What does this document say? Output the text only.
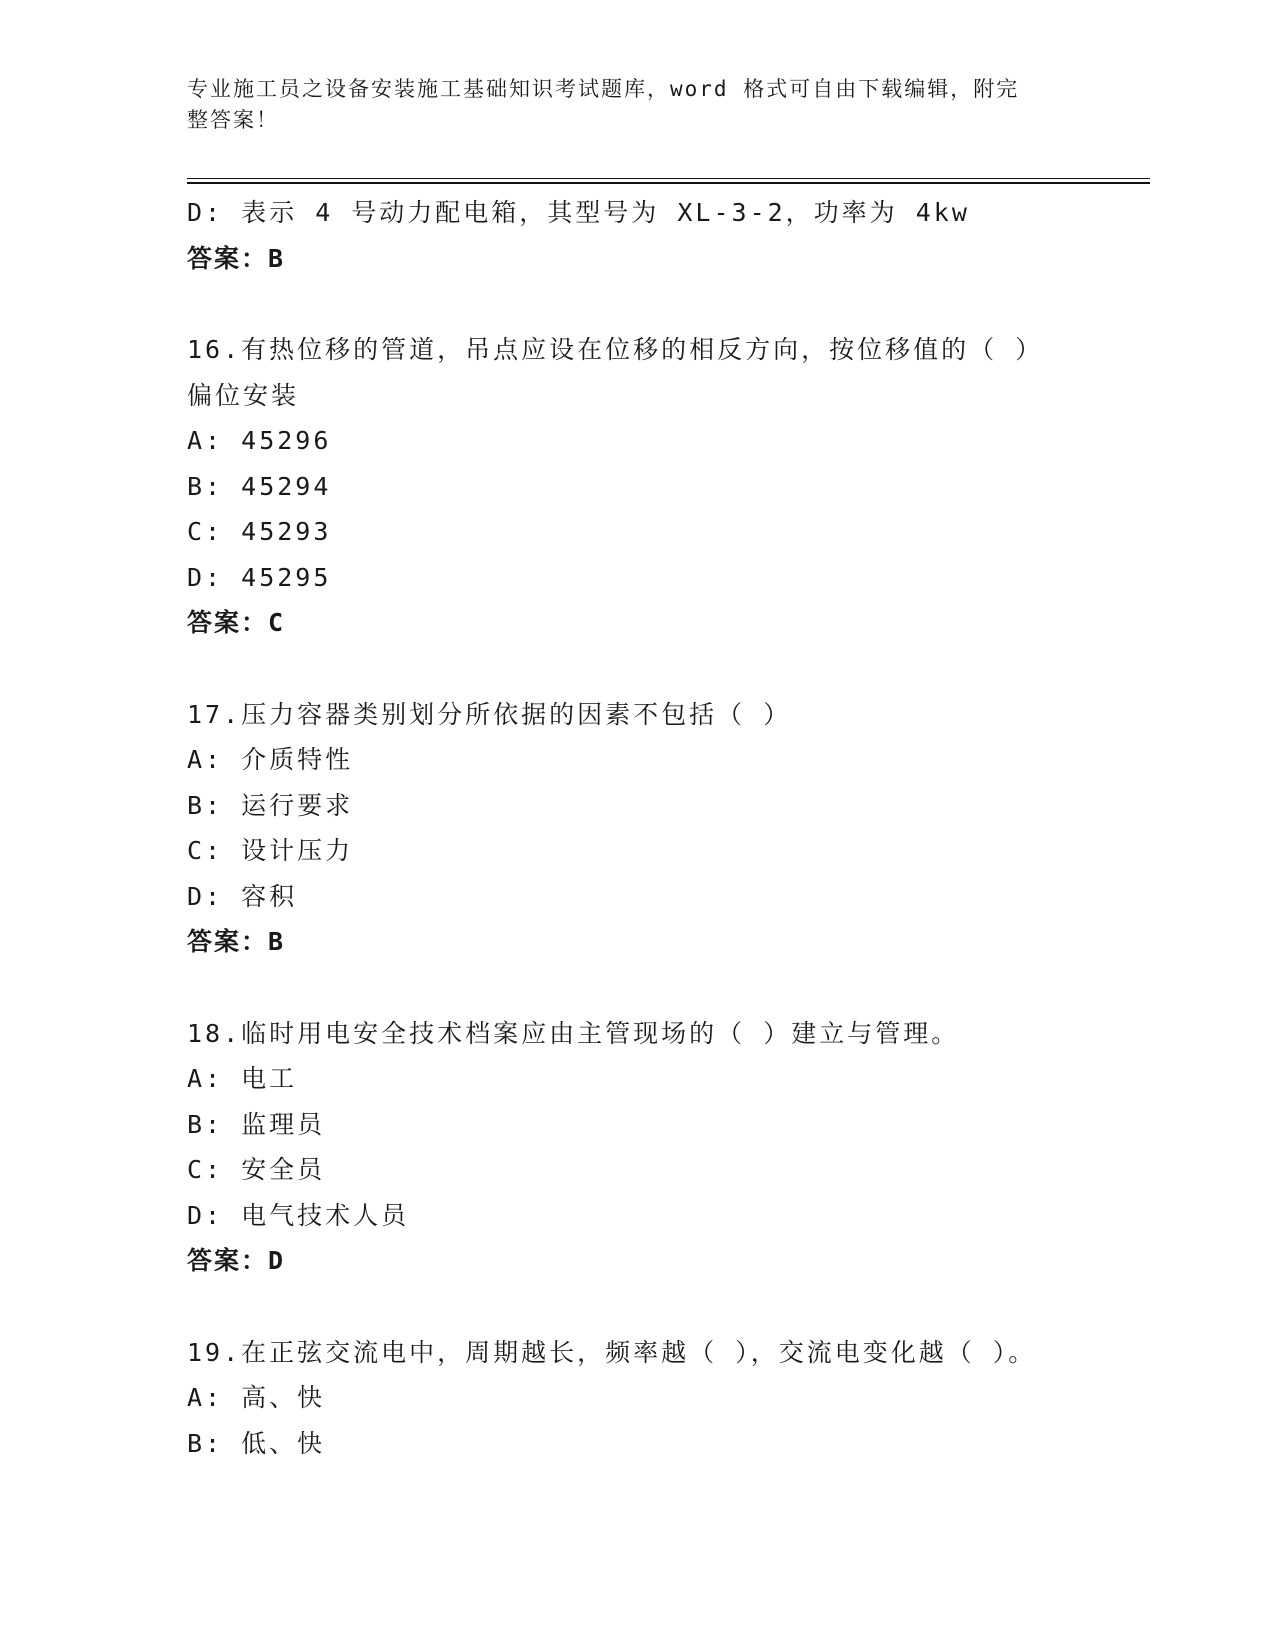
专业施工员之设备安装施工基础知识考试题库，word 格式可自由下载编辑，附完
整答案！
D: 表示 4 号动力配电箱，其型号为 XL-3-2，功率为 4kw
答案：B
16.有热位移的管道，吊点应设在位移的相反方向，按位移值的（ ）
偏位安装
A: 45296
B: 45294
C: 45293
D: 45295
答案：C
17.压力容器类别划分所依据的因素不包括（ ）
A: 介质特性
B: 运行要求
C: 设计压力
D: 容积
答案：B
18.临时用电安全技术档案应由主管现场的（ ）建立与管理。
A: 电工
B: 监理员
C: 安全员
D: 电气技术人员
答案：D
19.在正弦交流电中，周期越长，频率越（ ），交流电变化越（ ）。
A: 高、快
B: 低、快
